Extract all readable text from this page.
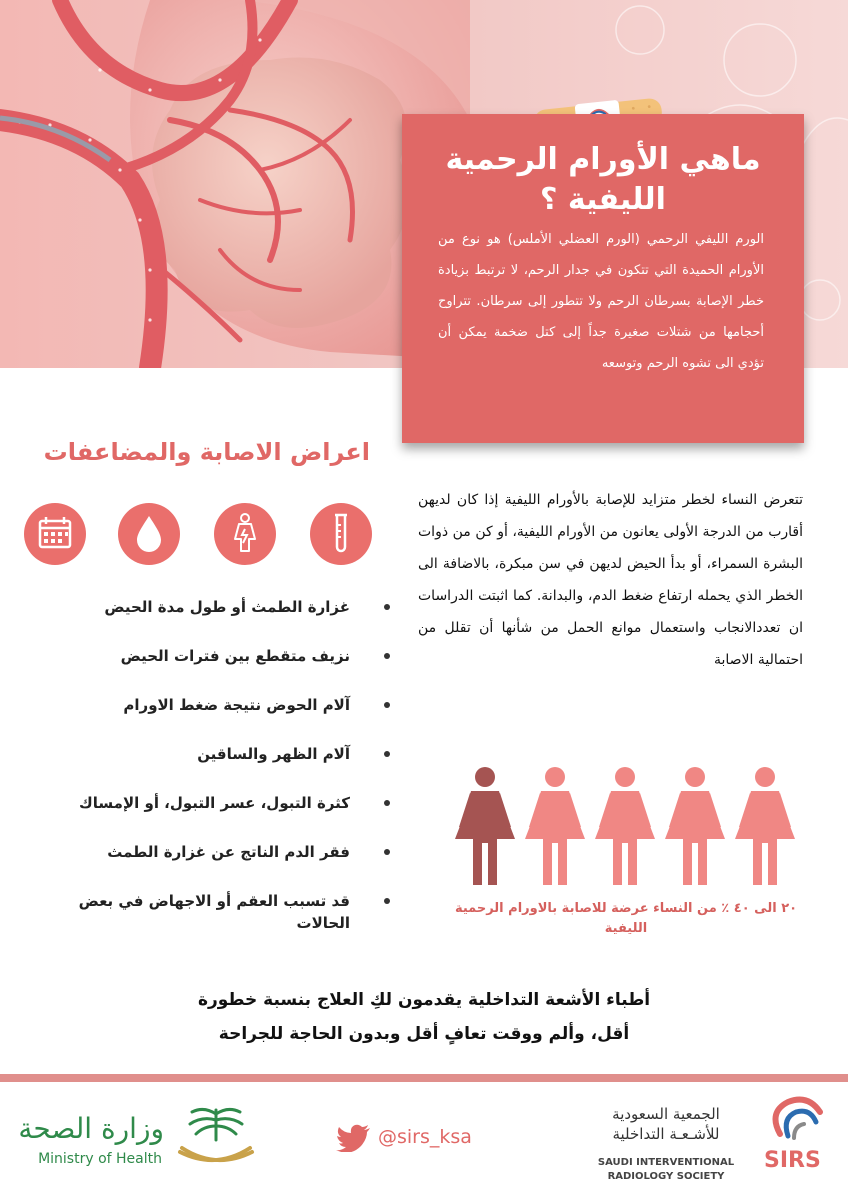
ماهي الأورام الرحمية الليفية ؟
الورم الليفي الرحمي (الورم العضلي الأملس) هو نوع من الأورام الحميدة التي تتكون في جدار الرحم، لا ترتبط بزيادة خطر الإصابة بسرطان الرحم ولا تتطور إلى سرطان. تتراوح أحجامها من شتلات صغيرة جداً إلى كتل ضخمة يمكن أن تؤدي الى تشوه الرحم وتوسعه
اعراض الاصابة والمضاعفات
غزارة الطمث أو طول مدة الحيض
نزيف متقطع بين فترات الحيض
آلام الحوض نتيجة ضغط الاورام
آلام الظهر والساقين
كثرة التبول، عسر التبول، أو الإمساك
فقر الدم الناتج عن غزارة الطمث
قد تسبب العقم أو الاجهاض في بعض الحالات
تتعرض النساء لخطر متزايد للإصابة بالأورام الليفية إذا كان لديهن أقارب من الدرجة الأولى يعانون من الأورام الليفية، أو كن من ذوات البشرة السمراء، أو بدأ الحيض لديهن في سن مبكرة، بالاضافة الى الخطر الذي يحمله ارتفاع ضغط الدم، والبدانة. كما اثبتت الدراسات ان تعددالانجاب واستعمال موانع الحمل من شأنها أن تقلل من احتمالية الاصابة
٢٠ الى ٤٠ ٪ من النساء عرضة للاصابة بالاورام الرحمية الليفية
أطباء الأشعة التداخلية يقدمون لكِ العلاج بنسبة خطورة
أقل، وألم ووقت تعافٍ أقل وبدون الحاجة للجراحة
وزارة الصحة
Ministry of Health
@sirs_ksa
الجمعية السعودية
للأشـعـة التداخلية
SAUDI INTERVENTIONAL
RADIOLOGY SOCIETY
SIRS
